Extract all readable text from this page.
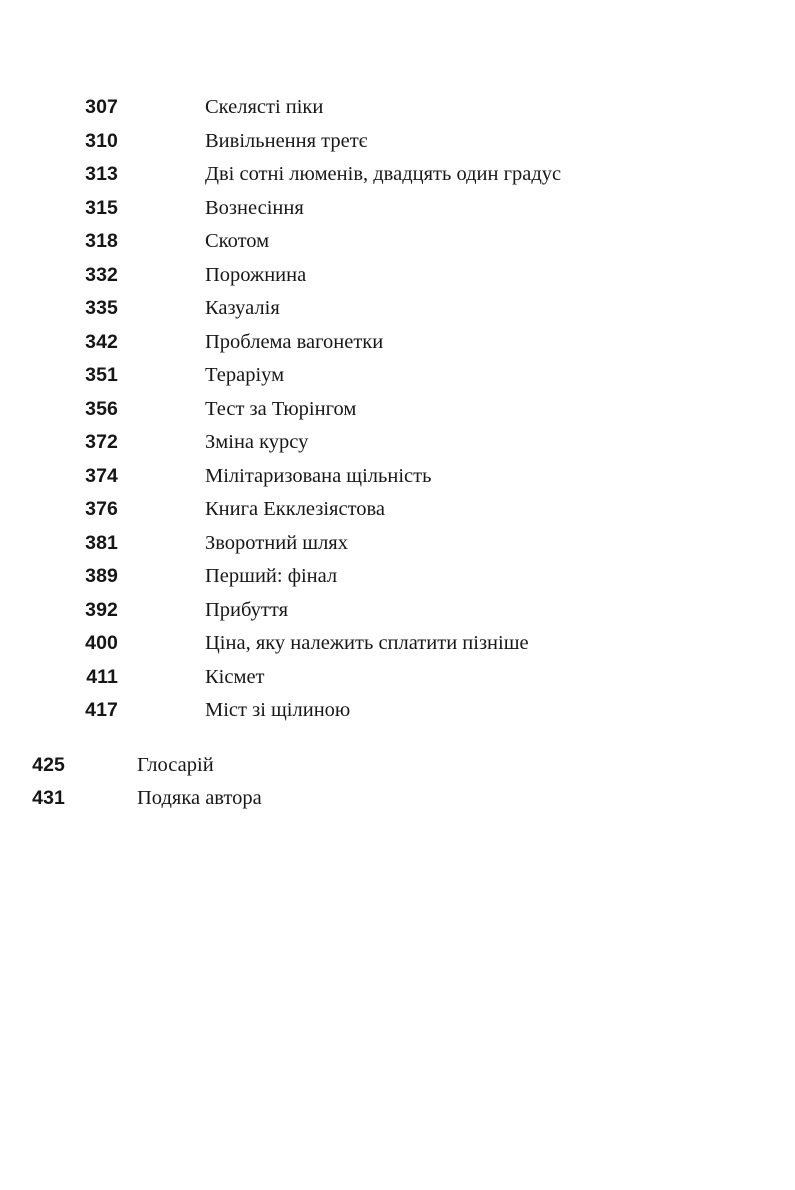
307	Скелясті піки
310	Вивільнення третє
313	Дві сотні люменів, двадцять один градус
315	Вознесіння
318	Скотом
332	Порожнина
335	Казуалія
342	Проблема вагонетки
351	Тераріум
356	Тест за Тюрінгом
372	Зміна курсу
374	Мілітаризована щільність
376	Книга Екклезіястова
381	Зворотний шлях
389	Перший: фінал
392	Прибуття
400	Ціна, яку належить сплатити пізніше
411	Кісмет
417	Міст зі щілиною
425	Глосарій
431	Подяка автора
